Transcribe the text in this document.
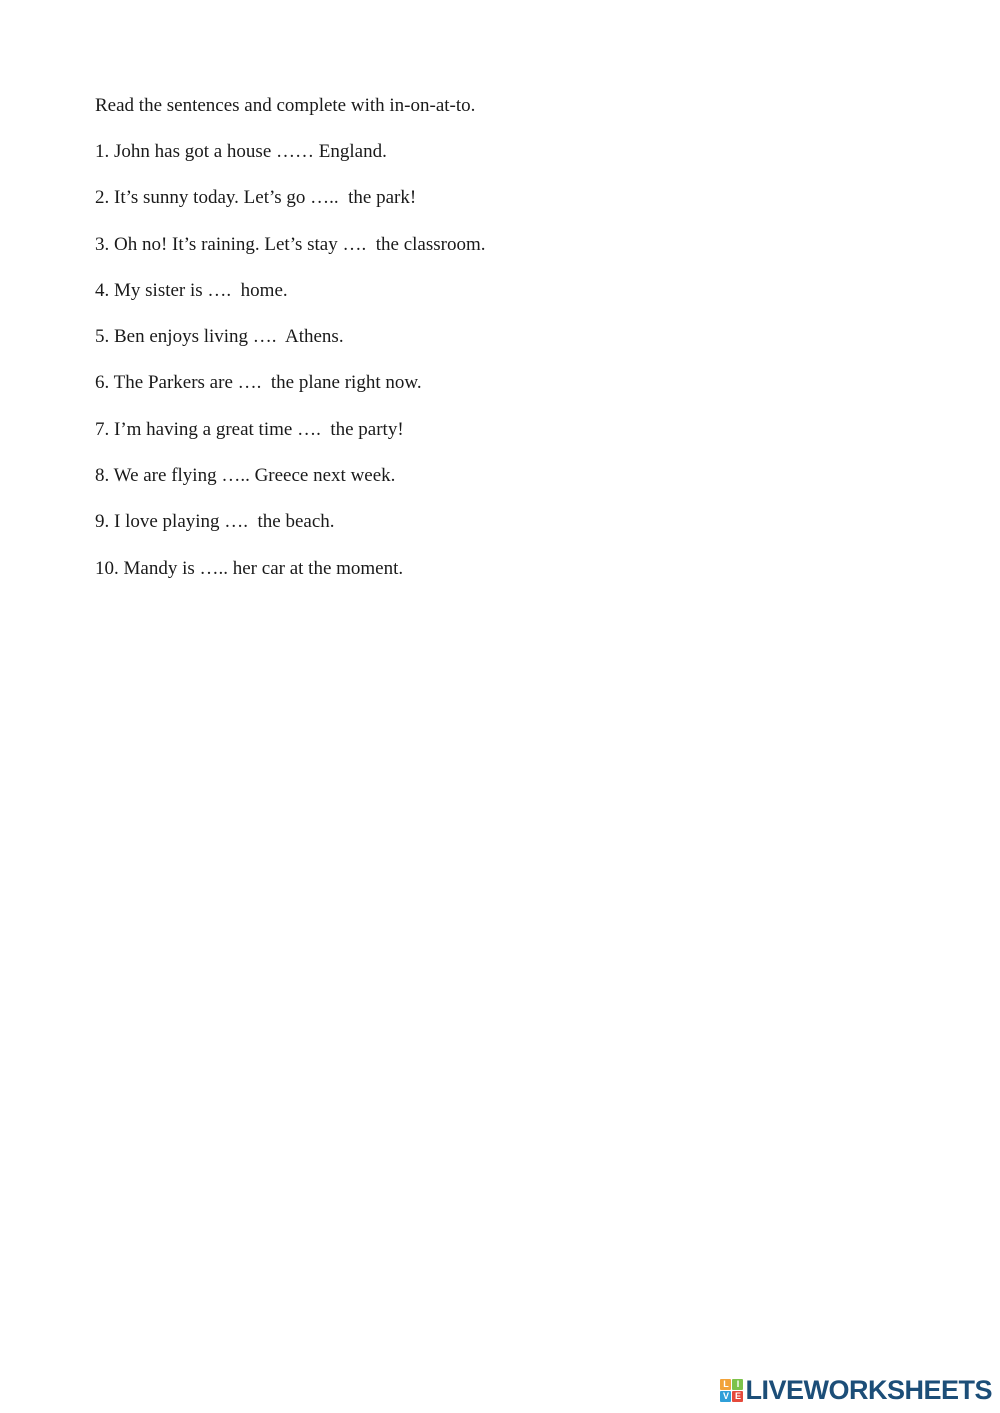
Read the sentences and complete with in-on-at-to.

1. John has got a house …… England.
2. It’s sunny today. Let’s go …..  the park!
3. Oh no! It’s raining. Let’s stay ….  the classroom.
4. My sister is ….  home.
5. Ben enjoys living ….  Athens.
6. The Parkers are ….  the plane right now.
7. I’m having a great time ….  the party!
8. We are flying ….. Greece next week.
9. I love playing ….  the beach.
10. Mandy is ….. her car at the moment.
L I
V E LIVEWORKSHEETS
